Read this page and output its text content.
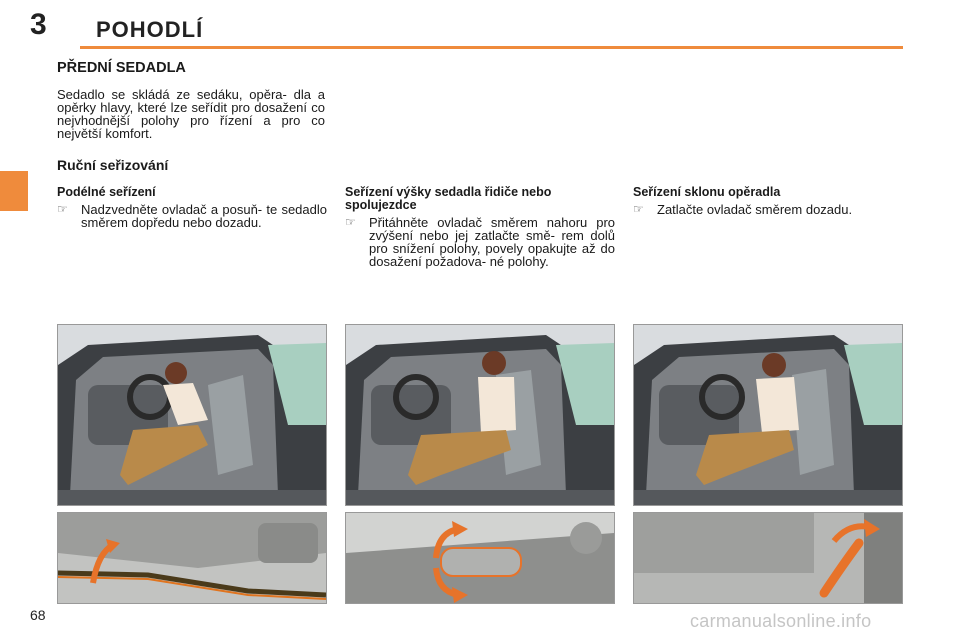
3 POHODLÍ
PŘEDNÍ SEDADLA
Sedadlo se skládá ze sedáku, opěra- dla a opěrky hlavy, které lze seřídit pro dosažení co nejvhodnější polohy pro řízení a pro co největší komfort.
Ruční seřizování
Podélné seřízení
☞	Nadzvedněte ovladač a posuň- te sedadlo směrem dopředu nebo dozadu.
Seřízení výšky sedadla řidiče nebo spolujezdce
☞	Přitáhněte ovladač směrem nahoru pro zvýšení nebo jej zatlačte smě- rem dolů pro snížení polohy, povely opakujte až do dosažení požadova- né polohy.
Seřízení sklonu opěradla
☞	Zatlačte ovladač směrem dozadu.
68	carmanualsonline.info
